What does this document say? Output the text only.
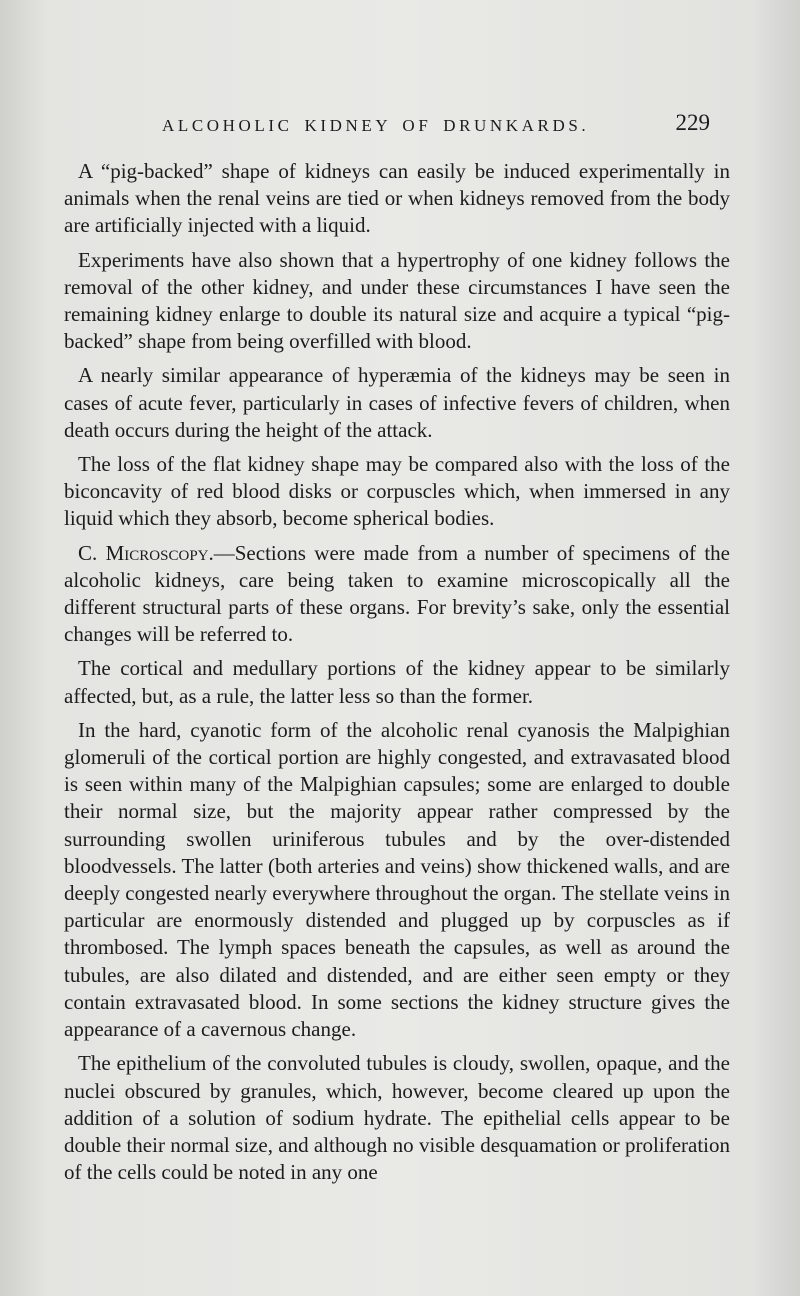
ALCOHOLIC KIDNEY OF DRUNKARDS.	229

A “pig-backed” shape of kidneys can easily be induced experimentally in animals when the renal veins are tied or when kidneys removed from the body are artificially injected with a liquid.

Experiments have also shown that a hypertrophy of one kidney follows the removal of the other kidney, and under these circumstances I have seen the remaining kidney enlarge to double its natural size and acquire a typical “pig-backed” shape from being overfilled with blood.

A nearly similar appearance of hyperæmia of the kidneys may be seen in cases of acute fever, particularly in cases of infective fevers of children, when death occurs during the height of the attack.

The loss of the flat kidney shape may be compared also with the loss of the biconcavity of red blood disks or corpuscles which, when immersed in any liquid which they absorb, become spherical bodies.

C. Microscopy.—Sections were made from a number of specimens of the alcoholic kidneys, care being taken to examine microscopically all the different structural parts of these organs. For brevity’s sake, only the essential changes will be referred to.

The cortical and medullary portions of the kidney appear to be similarly affected, but, as a rule, the latter less so than the former.

In the hard, cyanotic form of the alcoholic renal cyanosis the Malpighian glomeruli of the cortical portion are highly congested, and extravasated blood is seen within many of the Malpighian capsules; some are enlarged to double their normal size, but the majority appear rather compressed by the surrounding swollen uriniferous tubules and by the over-distended bloodvessels. The latter (both arteries and veins) show thickened walls, and are deeply congested nearly everywhere throughout the organ. The stellate veins in particular are enormously distended and plugged up by corpuscles as if thrombosed. The lymph spaces beneath the capsules, as well as around the tubules, are also dilated and distended, and are either seen empty or they contain extravasated blood. In some sections the kidney structure gives the appearance of a cavernous change.

The epithelium of the convoluted tubules is cloudy, swollen, opaque, and the nuclei obscured by granules, which, however, become cleared up upon the addition of a solution of sodium hydrate. The epithelial cells appear to be double their normal size, and although no visible desquamation or proliferation of the cells could be noted in any one
